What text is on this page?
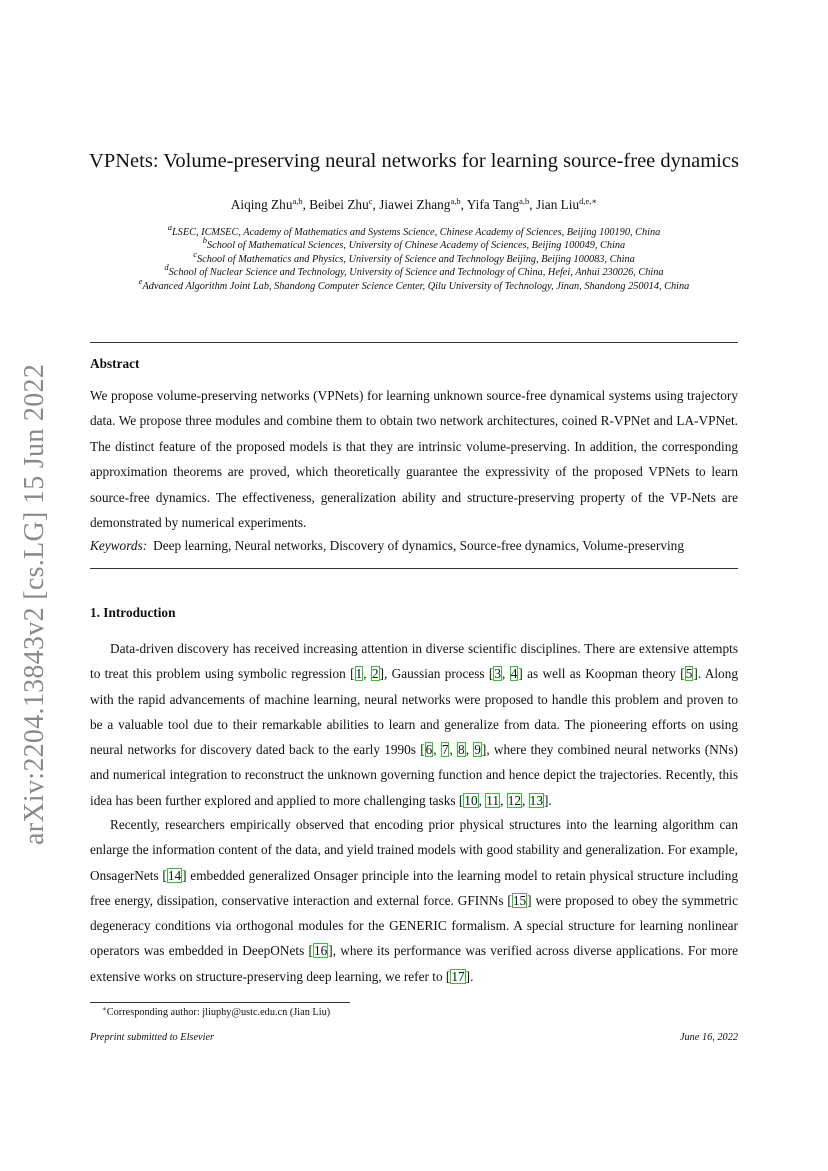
arXiv:2204.13843v2 [cs.LG] 15 Jun 2022
VPNets: Volume-preserving neural networks for learning source-free dynamics
Aiqing Zhu$^{a,b}$, Beibei Zhu$^c$, Jiawei Zhang$^{a,b}$, Yifa Tang$^{a,b}$, Jian Liu$^{d,e,∗}$
$^a$LSEC, ICMSEC, Academy of Mathematics and Systems Science, Chinese Academy of Sciences, Beijing 100190, China
$^b$School of Mathematical Sciences, University of Chinese Academy of Sciences, Beijing 100049, China
$^c$School of Mathematics and Physics, University of Science and Technology Beijing, Beijing 100083, China
$^d$School of Nuclear Science and Technology, University of Science and Technology of China, Hefei, Anhui 230026, China
$^e$Advanced Algorithm Joint Lab, Shandong Computer Science Center, Qilu University of Technology, Jinan, Shandong 250014, China
Abstract
We propose volume-preserving networks (VPNets) for learning unknown source-free dynamical systems using trajectory data. We propose three modules and combine them to obtain two network architectures, coined R-VPNet and LA-VPNet. The distinct feature of the proposed models is that they are intrinsic volume-preserving. In addition, the corresponding approximation theorems are proved, which theoretically guarantee the expressivity of the proposed VPNets to learn source-free dynamics. The effectiveness, generalization ability and structure-preserving property of the VP-Nets are demonstrated by numerical experiments.
Keywords: Deep learning, Neural networks, Discovery of dynamics, Source-free dynamics, Volume-preserving
1. Introduction
Data-driven discovery has received increasing attention in diverse scientific disciplines. There are extensive attempts to treat this problem using symbolic regression [1, 2], Gaussian process [3, 4] as well as Koopman theory [5]. Along with the rapid advancements of machine learning, neural networks were proposed to handle this problem and proven to be a valuable tool due to their remarkable abilities to learn and generalize from data. The pioneering efforts on using neural networks for discovery dated back to the early 1990s [6, 7, 8, 9], where they combined neural networks (NNs) and numerical integration to reconstruct the unknown governing function and hence depict the trajectories. Recently, this idea has been further explored and applied to more challenging tasks [10, 11, 12, 13].
Recently, researchers empirically observed that encoding prior physical structures into the learning algorithm can enlarge the information content of the data, and yield trained models with good stability and generalization. For example, OnsagerNets [14] embedded generalized Onsager principle into the learning model to retain physical structure including free energy, dissipation, conservative interaction and external force. GFINNs [15] were proposed to obey the symmetric degeneracy conditions via orthogonal modules for the GENERIC formalism. A special structure for learning nonlinear operators was embedded in DeepONets [16], where its performance was verified across diverse applications. For more extensive works on structure-preserving deep learning, we refer to [17].
∗Corresponding author: jliuphy@ustc.edu.cn (Jian Liu)
Preprint submitted to Elsevier	June 16, 2022
